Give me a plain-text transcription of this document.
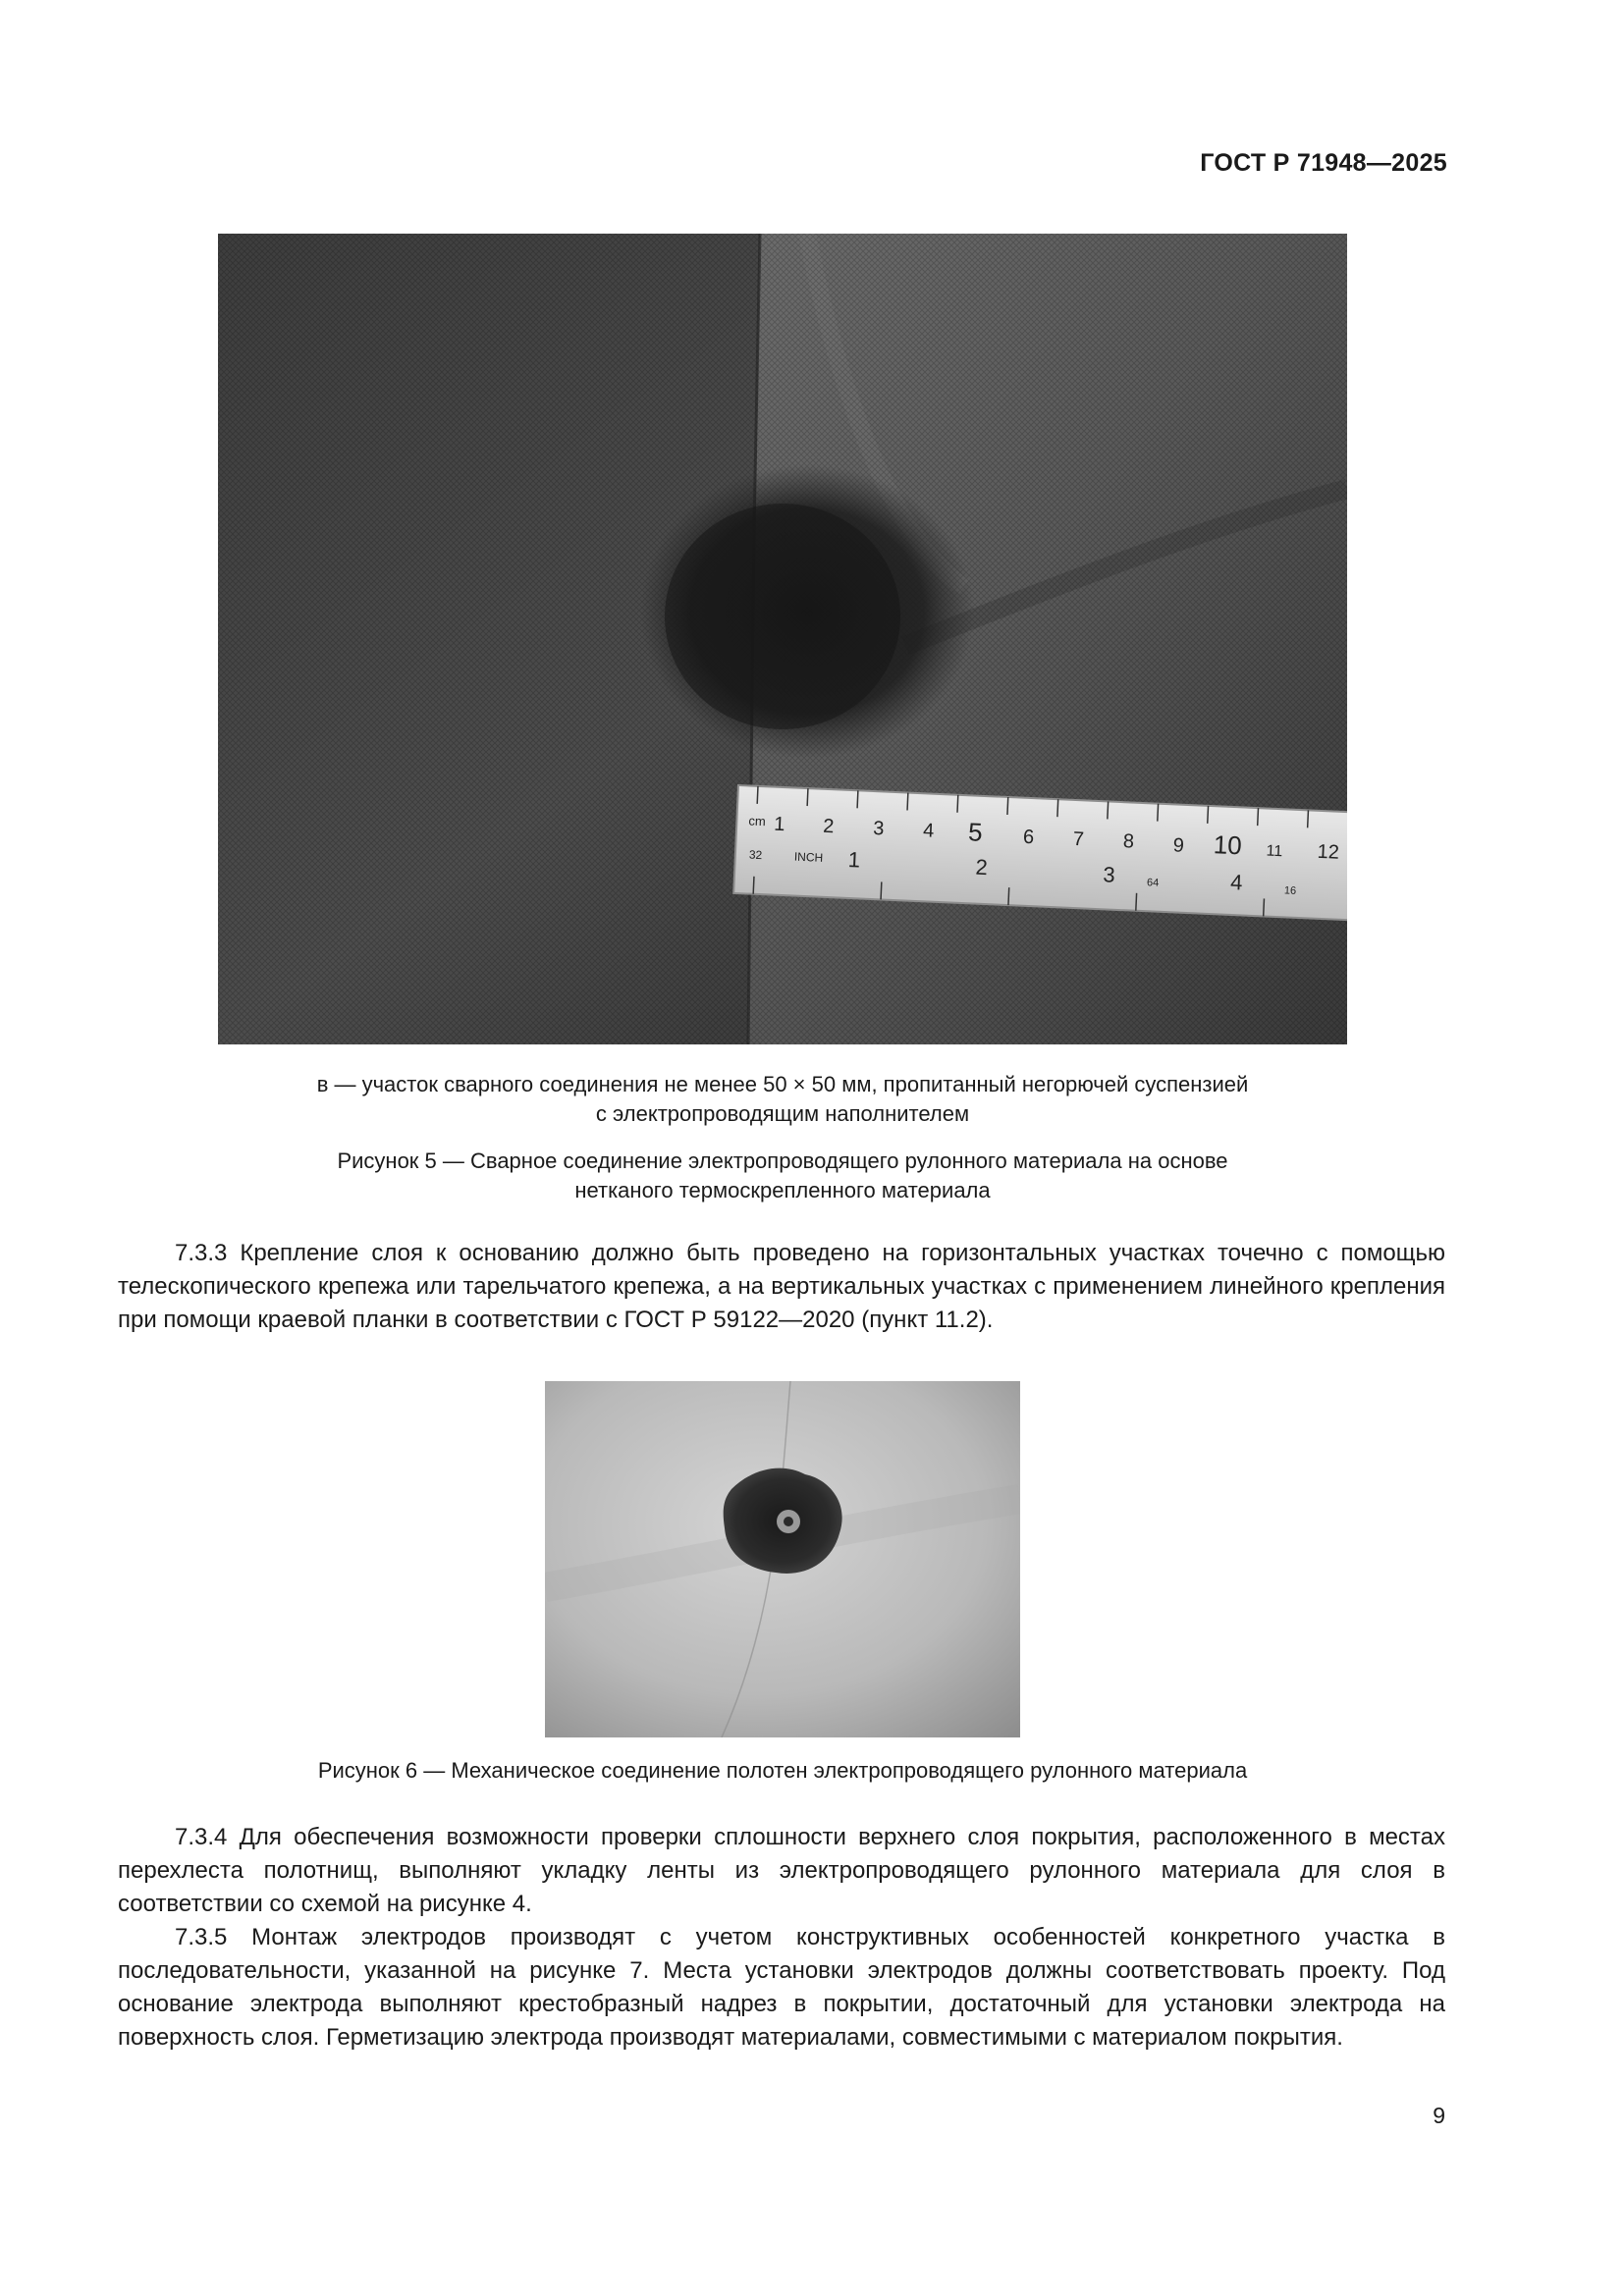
ГОСТ Р 71948—2025
cm 1 2 3 4 5 6 7 8 9 10 11 12
32	INCH 1	2	3	4
64
16

в — участок сварного соединения не менее 50 × 50 мм, пропитанный негорючей суспензией

с электропроводящим наполнителем

Рисунок 5 — Сварное соединение электропроводящего рулонного материала на основе

нетканого термоскрепленного материала

7.3.3 Крепление слоя к основанию должно быть проведено на горизонтальных участках точечно с помощью телескопического крепежа или тарельчатого крепежа, а на вертикальных участках с применением линейного крепления при помощи краевой планки в соответствии с ГОСТ Р 59122—2020 (пункт 11.2).

Рисунок 6 — Механическое соединение полотен электропроводящего рулонного материала

7.3.4 Для обеспечения возможности проверки сплошности верхнего слоя покрытия, расположенного в местах перехлеста полотнищ, выполняют укладку ленты из электропроводящего рулонного материала для слоя в соответствии со схемой на рисунке 4.

7.3.5 Монтаж электродов производят с учетом конструктивных особенностей конкретного участка в последовательности, указанной на рисунке 7. Места установки электродов должны соответствовать проекту. Под основание электрода выполняют крестобразный надрез в покрытии, достаточный для установки электрода на поверхность слоя. Герметизацию электрода производят материалами, совместимыми с материалом покрытия.

9
